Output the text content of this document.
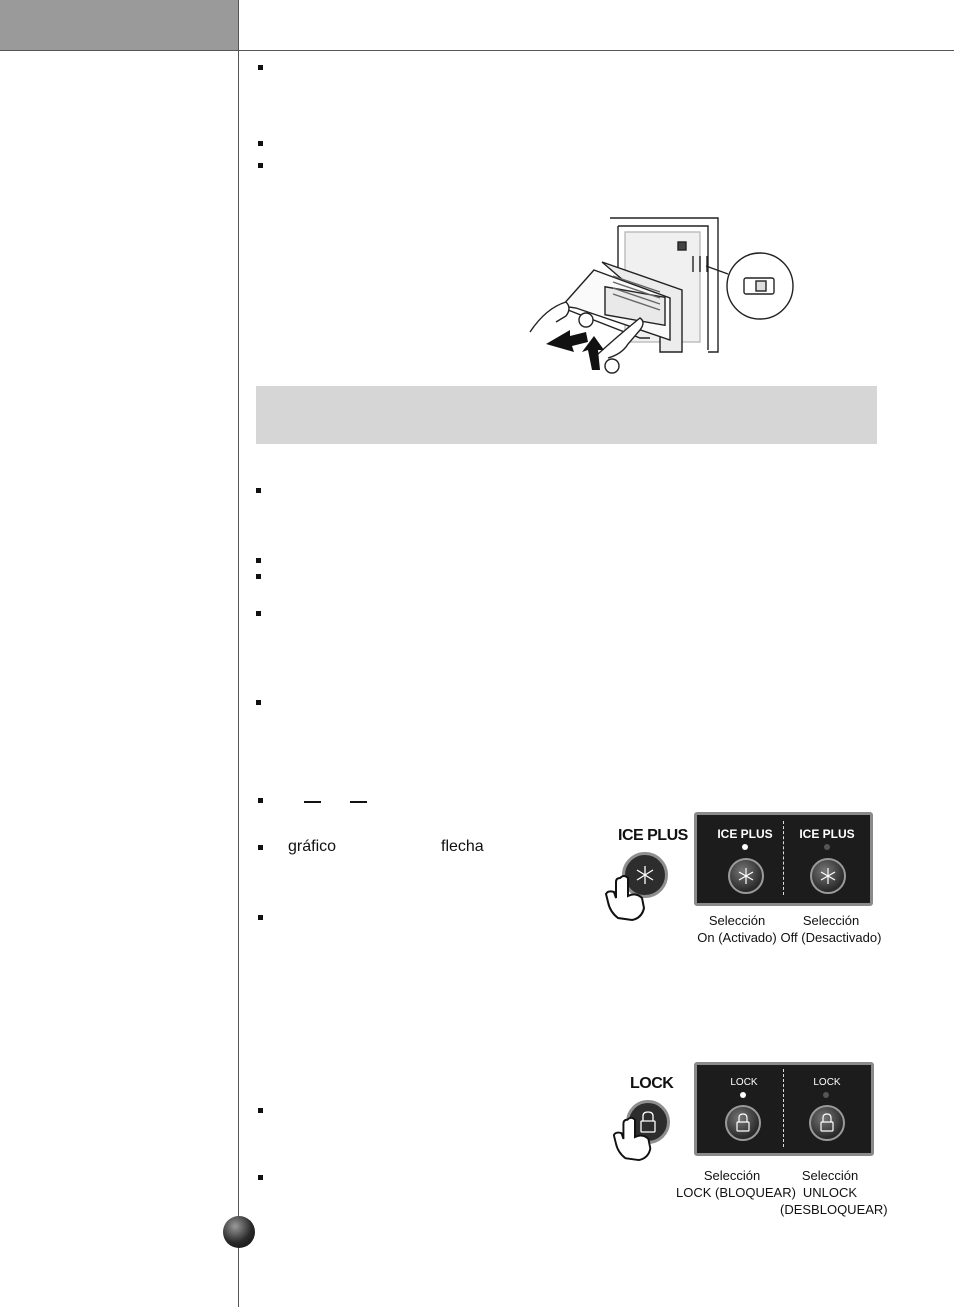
gráfico	flecha
ICE PLUS ICE PLUS ICE PLUS
Selección
On (Activado)
Selección
Off (Desactivado)
LOCK	LOCK	LOCK
Selección
LOCK (BLOQUEAR)
Selección
UNLOCK
(DESBLOQUEAR)
